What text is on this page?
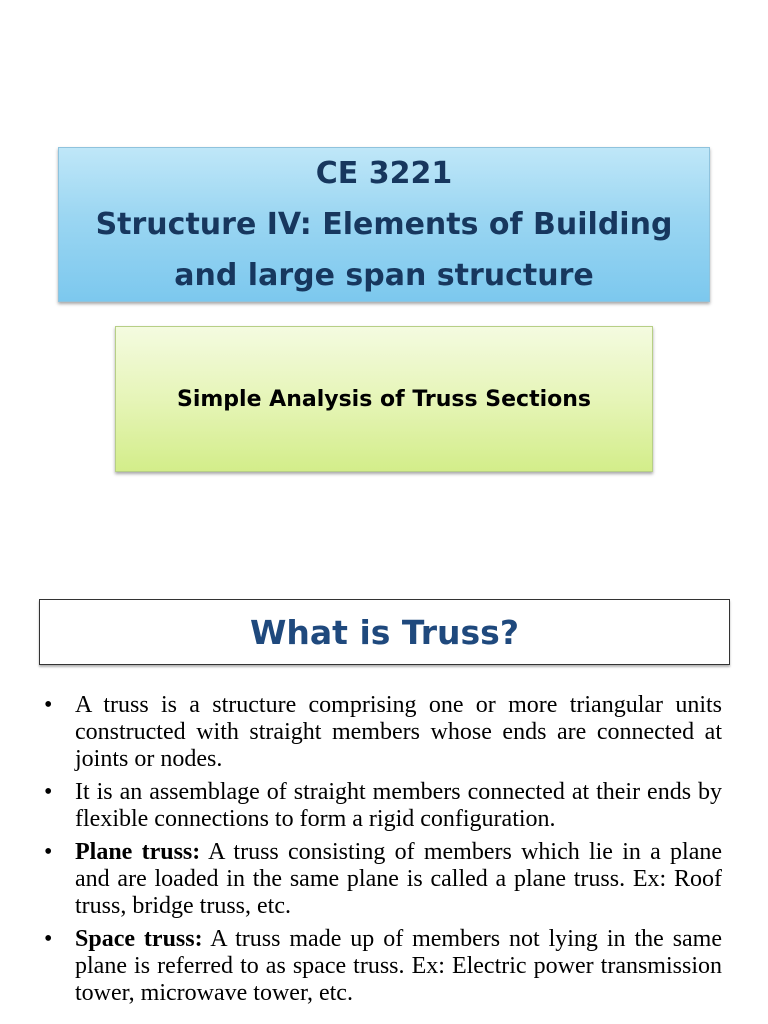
CE 3221
Structure IV: Elements of Building
and large span structure
Simple Analysis of Truss Sections
What is Truss?
• A truss is a structure comprising one or more triangular units constructed with straight members whose ends are connected at joints or nodes.
• It is an assemblage of straight members connected at their ends by flexible connections to form a rigid configuration.
• Plane truss: A truss consisting of members which lie in a plane and are loaded in the same plane is called a plane truss. Ex: Roof truss, bridge truss, etc.
• Space truss: A truss made up of members not lying in the same plane is referred to as space truss. Ex: Electric power transmission tower, microwave tower, etc.
